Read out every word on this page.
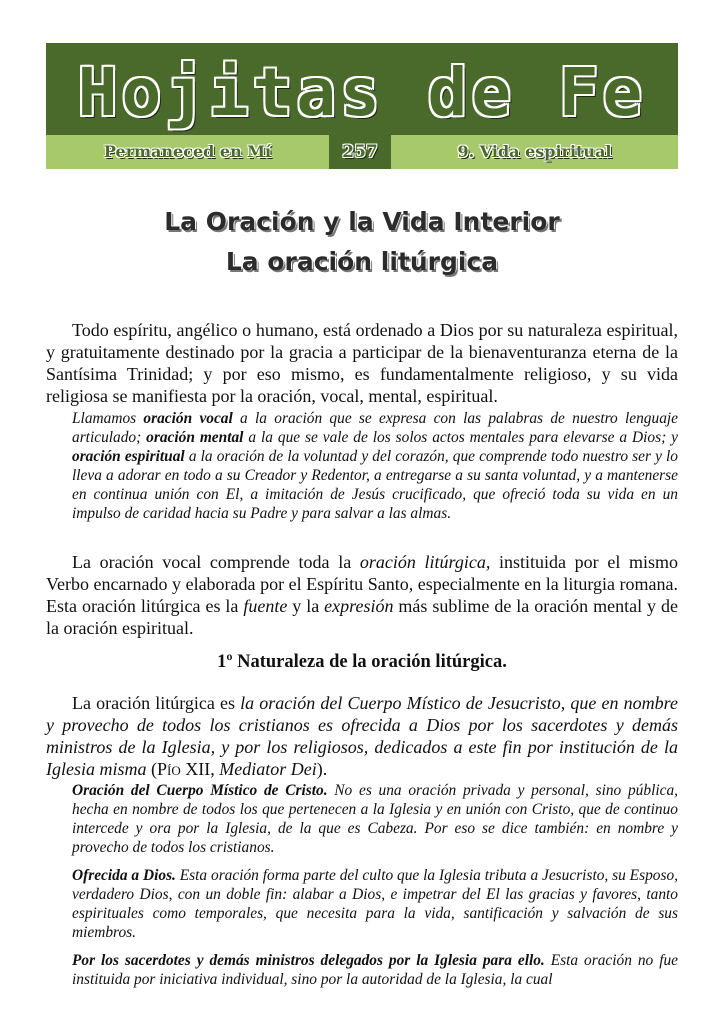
Hojitas de Fe
Permaneced en Mí	257	9. Vida espiritual
La Oración y la Vida Interior
La oración litúrgica

Todo espíritu, angélico o humano, está ordenado a Dios por su naturaleza espiritual, y gratuitamente destinado por la gracia a participar de la bienaventuranza eterna de la Santísima Trinidad; y por eso mismo, es fundamentalmente religioso, y su vida religiosa se manifiesta por la oración, vocal, mental, espiritual.

Llamamos oración vocal a la oración que se expresa con las palabras de nuestro lenguaje articulado; oración mental a la que se vale de los solos actos mentales para elevarse a Dios; y oración espiritual a la oración de la voluntad y del corazón, que comprende todo nuestro ser y lo lleva a adorar en todo a su Creador y Redentor, a entregarse a su santa voluntad, y a mantenerse en continua unión con El, a imitación de Jesús crucificado, que ofreció toda su vida en un impulso de caridad hacia su Padre y para salvar a las almas.

La oración vocal comprende toda la oración litúrgica, instituida por el mismo Verbo encarnado y elaborada por el Espíritu Santo, especialmente en la liturgia romana. Esta oración litúrgica es la fuente y la expresión más sublime de la oración mental y de la oración espiritual.

1º Naturaleza de la oración litúrgica.

La oración litúrgica es la oración del Cuerpo Místico de Jesucristo, que en nombre y provecho de todos los cristianos es ofrecida a Dios por los sacerdotes y demás ministros de la Iglesia, y por los religiosos, dedicados a este fin por institución de la Iglesia misma (Pío XII, Mediator Dei).

Oración del Cuerpo Místico de Cristo. No es una oración privada y personal, sino pública, hecha en nombre de todos los que pertenecen a la Iglesia y en unión con Cristo, que de continuo intercede y ora por la Iglesia, de la que es Cabeza. Por eso se dice también: en nombre y provecho de todos los cristianos.

Ofrecida a Dios. Esta oración forma parte del culto que la Iglesia tributa a Jesucristo, su Esposo, verdadero Dios, con un doble fin: alabar a Dios, e impetrar del El las gracias y favores, tanto espirituales como temporales, que necesita para la vida, santificación y salvación de sus miembros.

Por los sacerdotes y demás ministros delegados por la Iglesia para ello. Esta oración no fue instituida por iniciativa individual, sino por la autoridad de la Iglesia, la cual
